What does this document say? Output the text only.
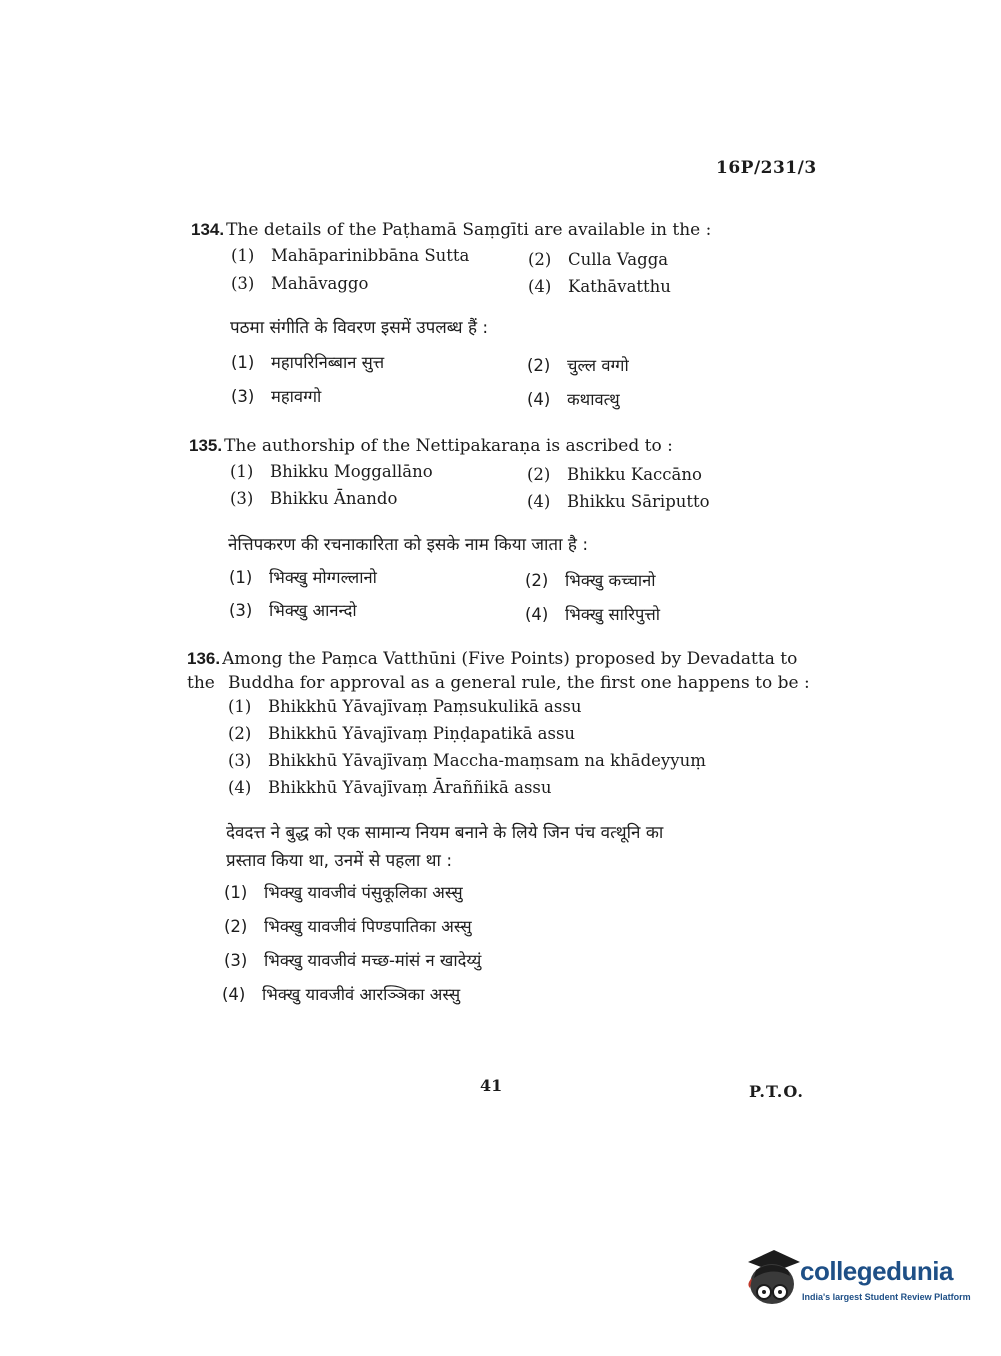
16P/231/3
134. The details of the Paṭhamā Saṃgīti are available in the :
(1) Mahāparinibbāna Sutta	(2) Culla Vagga
(3) Mahāvaggo	(4) Kathāvatthu
पठमा संगीति के विवरण इसमें उपलब्ध हैं :
(1) महापरिनिब्बान सुत्त	(2) चुल्ल वग्गो
(3) महावग्गो	(4) कथावत्थु
135. The authorship of the Nettipakaraṇa is ascribed to :
(1) Bhikku Moggallāno	(2) Bhikku Kaccāno
(3) Bhikku Ānando	(4) Bhikku Sāriputto
नेत्तिपकरण की रचनाकारिता को इसके नाम किया जाता है :
(1) भिक्खु मोग्गल्लानो	(2) भिक्खु कच्चानो
(3) भिक्खु आनन्दो	(4) भिक्खु सारिपुत्तो
136. Among the Paṃca Vatthūni (Five Points) proposed by Devadatta to the Buddha for approval as a general rule, the first one happens to be :
(1) Bhikkhū Yāvajīvaṃ Paṃsukulikā assu
(2) Bhikkhū Yāvajīvaṃ Piṇḍapatikā assu
(3) Bhikkhū Yāvajīvaṃ Maccha-maṃsam na khādeyyuṃ
(4) Bhikkhū Yāvajīvaṃ Āraññikā assu
देवदत्त ने बुद्ध को एक सामान्य नियम बनाने के लिये जिन पंच वत्थूनि का
प्रस्ताव किया था, उनमें से पहला था :
(1) भिक्खु यावजीवं पंसुकूलिका अस्सु
(2) भिक्खु यावजीवं पिण्डपातिका अस्सु
(3) भिक्खु यावजीवं मच्छ-मांसं न खादेय्युं
(4) भिक्खु यावजीवं आरञ्ञिका अस्सु
41	P.T.O.
collegedunia
India's largest Student Review Platform
